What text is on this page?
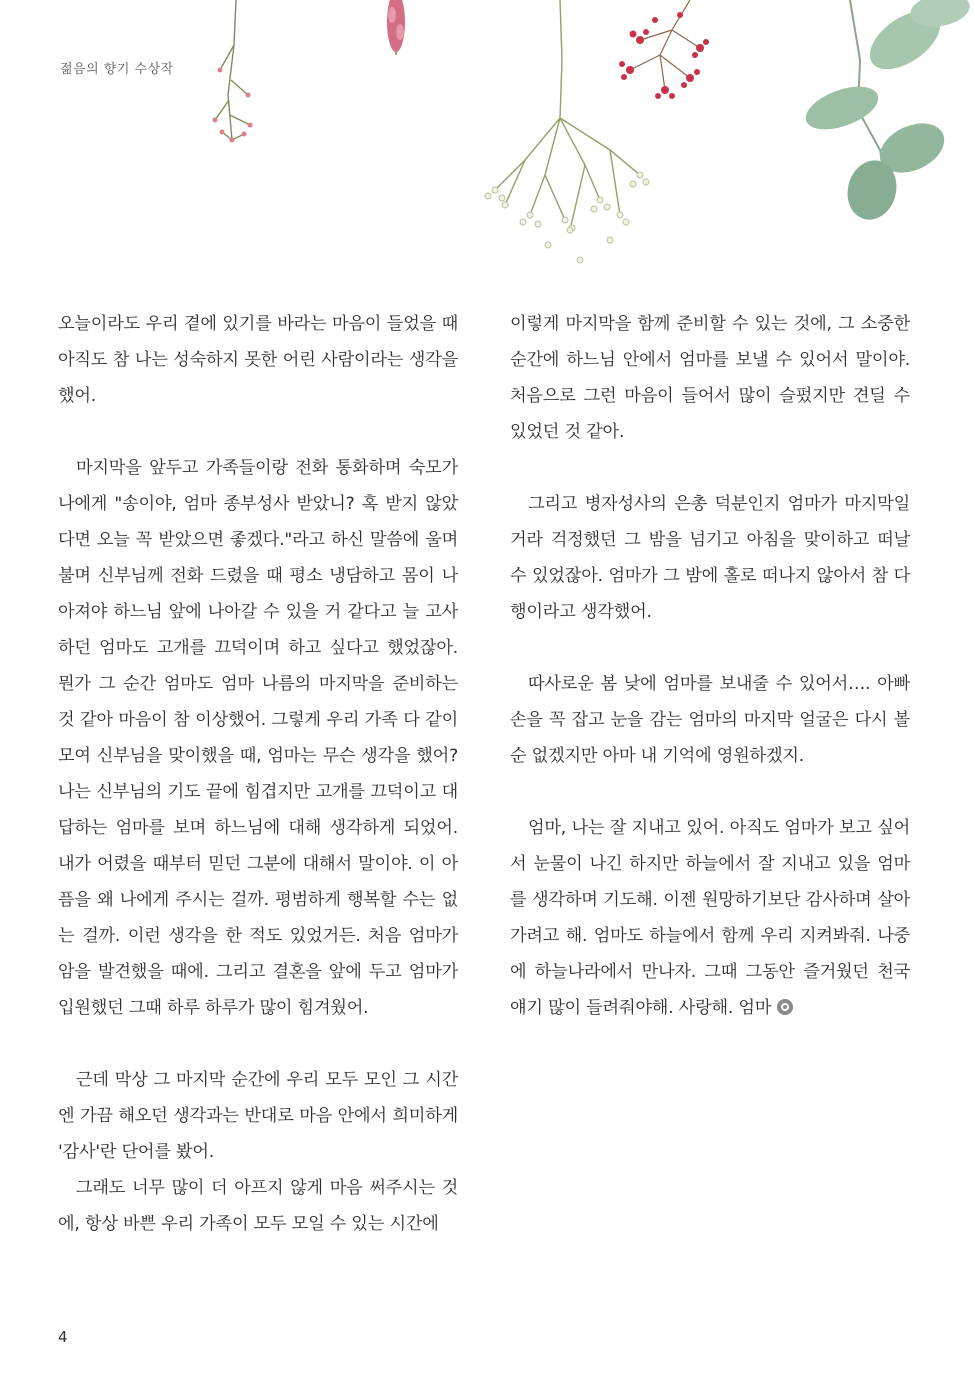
젊음의 향기 수상작

오늘이라도 우리 곁에 있기를 바라는 마음이 들었을 때 아직도 참 나는 성숙하지 못한 어린 사람이라는 생각을 했어.

마지막을 앞두고 가족들이랑 전화 통화하며 숙모가 나에게 "송이야, 엄마 종부성사 받았니? 혹 받지 않았다면 오늘 꼭 받았으면 좋겠다."라고 하신 말씀에 울며불며 신부님께 전화 드렸을 때 평소 냉담하고 몸이 나아져야 하느님 앞에 나아갈 수 있을 거 같다고 늘 고사하던 엄마도 고개를 끄덕이며 하고 싶다고 했었잖아. 뭔가 그 순간 엄마도 엄마 나름의 마지막을 준비하는 것 같아 마음이 참 이상했어. 그렇게 우리 가족 다 같이 모여 신부님을 맞이했을 때, 엄마는 무슨 생각을 했어? 나는 신부님의 기도 끝에 힘겹지만 고개를 끄덕이고 대답하는 엄마를 보며 하느님에 대해 생각하게 되었어. 내가 어렸을 때부터 믿던 그분에 대해서 말이야. 이 아픔을 왜 나에게 주시는 걸까. 평범하게 행복할 수는 없는 걸까. 이런 생각을 한 적도 있었거든. 처음 엄마가 암을 발견했을 때에. 그리고 결혼을 앞에 두고 엄마가 입원했던 그때 하루 하루가 많이 힘겨웠어.

근데 막상 그 마지막 순간에 우리 모두 모인 그 시간엔 가끔 해오던 생각과는 반대로 마음 안에서 희미하게 '감사'란 단어를 봤어.

그래도 너무 많이 더 아프지 않게 마음 써주시는 것에, 항상 바쁜 우리 가족이 모두 모일 수 있는 시간에

이렇게 마지막을 함께 준비할 수 있는 것에, 그 소중한 순간에 하느님 안에서 엄마를 보낼 수 있어서 말이야. 처음으로 그런 마음이 들어서 많이 슬펐지만 견딜 수 있었던 것 같아.

그리고 병자성사의 은총 덕분인지 엄마가 마지막일 거라 걱정했던 그 밤을 넘기고 아침을 맞이하고 떠날 수 있었잖아. 엄마가 그 밤에 홀로 떠나지 않아서 참 다행이라고 생각했어.

따사로운 봄 낮에 엄마를 보내줄 수 있어서…. 아빠 손을 꼭 잡고 눈을 감는 엄마의 마지막 얼굴은 다시 볼 순 없겠지만 아마 내 기억에 영원하겠지.

엄마, 나는 잘 지내고 있어. 아직도 엄마가 보고 싶어서 눈물이 나긴 하지만 하늘에서 잘 지내고 있을 엄마를 생각하며 기도해. 이젠 원망하기보단 감사하며 살아가려고 해. 엄마도 하늘에서 함께 우리 지켜봐줘. 나중에 하늘나라에서 만나자. 그때 그동안 즐거웠던 천국 얘기 많이 들려줘야해. 사랑해. 엄마

4
